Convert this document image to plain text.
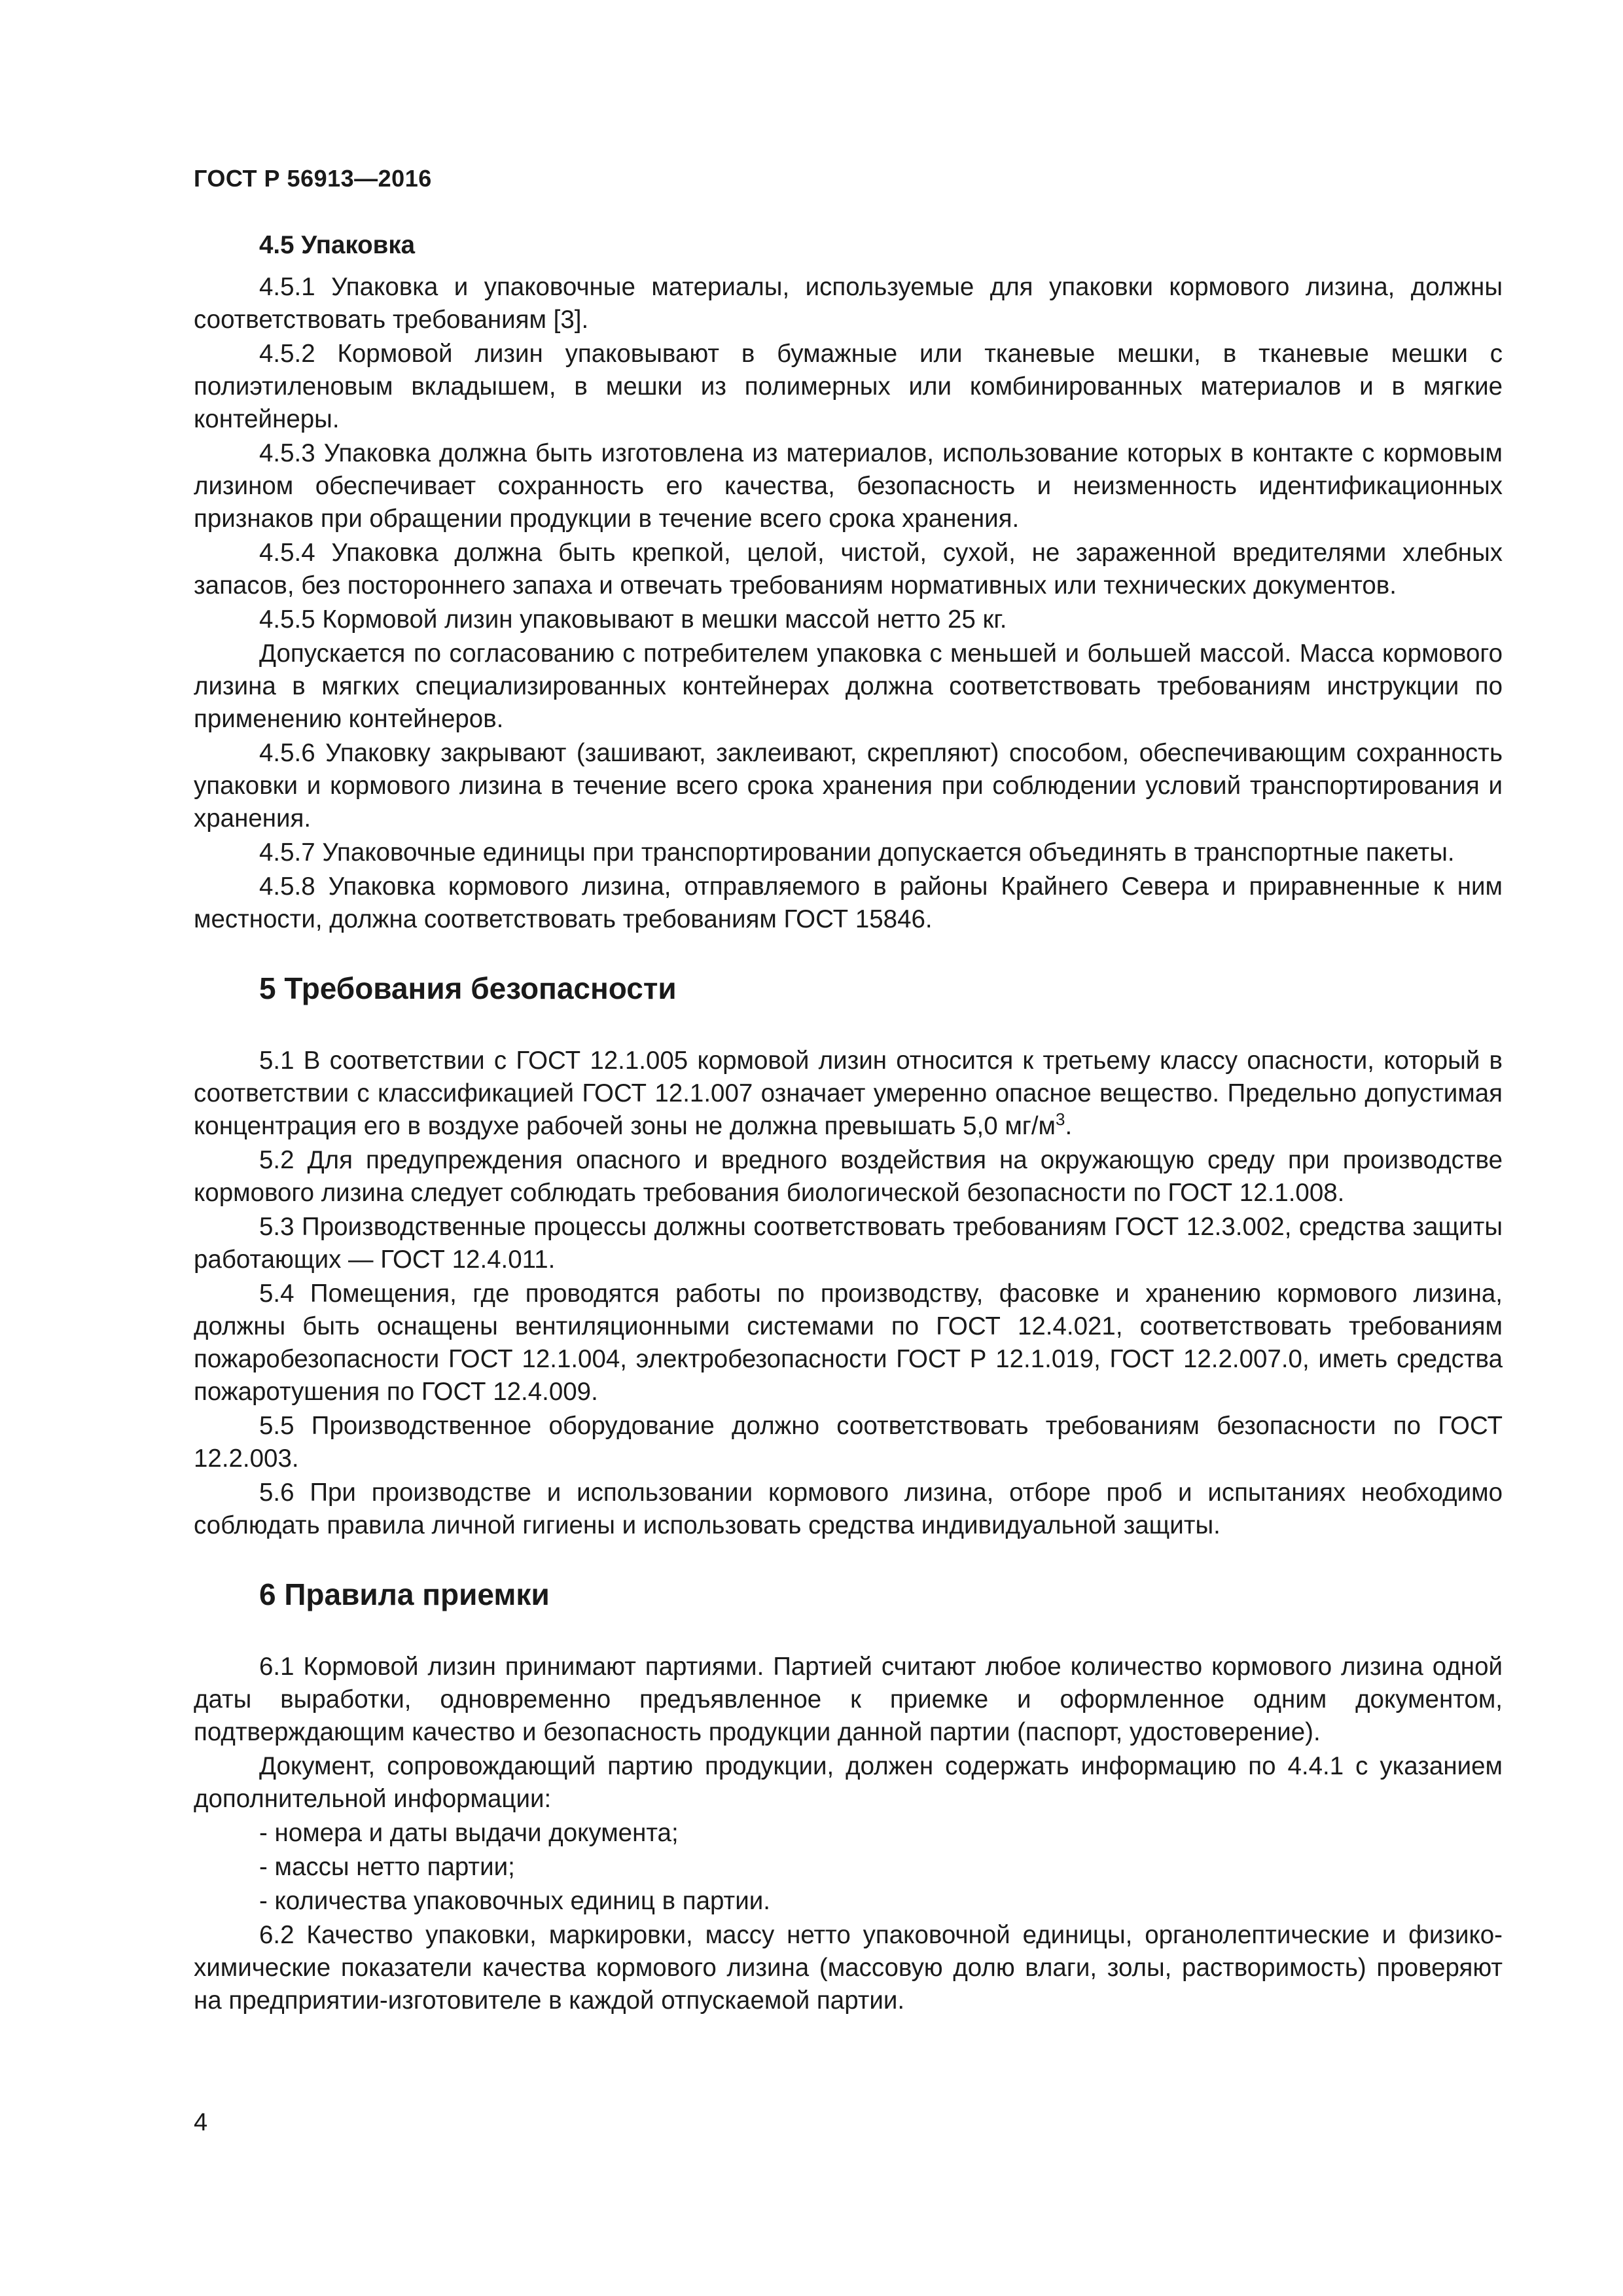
ГОСТ Р 56913—2016
4.5 Упаковка

4.5.1 Упаковка и упаковочные материалы, используемые для упаковки кормового лизина, должны соответствовать требованиям [3].

4.5.2 Кормовой лизин упаковывают в бумажные или тканевые мешки, в тканевые мешки с полиэтиленовым вкладышем, в мешки из полимерных или комбинированных материалов и в мягкие контейнеры.

4.5.3 Упаковка должна быть изготовлена из материалов, использование которых в контакте с кормовым лизином обеспечивает сохранность его качества, безопасность и неизменность идентификационных признаков при обращении продукции в течение всего срока хранения.

4.5.4 Упаковка должна быть крепкой, целой, чистой, сухой, не зараженной вредителями хлебных запасов, без постороннего запаха и отвечать требованиям нормативных или технических документов.

4.5.5 Кормовой лизин упаковывают в мешки массой нетто 25 кг.

Допускается по согласованию с потребителем упаковка с меньшей и большей массой. Масса кормового лизина в мягких специализированных контейнерах должна соответствовать требованиям инструкции по применению контейнеров.

4.5.6 Упаковку закрывают (зашивают, заклеивают, скрепляют) способом, обеспечивающим сохранность упаковки и кормового лизина в течение всего срока хранения при соблюдении условий транспортирования и хранения.

4.5.7 Упаковочные единицы при транспортировании допускается объединять в транспортные пакеты.

4.5.8 Упаковка кормового лизина, отправляемого в районы Крайнего Севера и приравненные к ним местности, должна соответствовать требованиям ГОСТ 15846.

5 Требования безопасности

5.1 В соответствии с ГОСТ 12.1.005 кормовой лизин относится к третьему классу опасности, который в соответствии с классификацией ГОСТ 12.1.007 означает умеренно опасное вещество. Предельно допустимая концентрация его в воздухе рабочей зоны не должна превышать 5,0 $мг/м^3$.

5.2 Для предупреждения опасного и вредного воздействия на окружающую среду при производстве кормового лизина следует соблюдать требования биологической безопасности по ГОСТ 12.1.008.

5.3 Производственные процессы должны соответствовать требованиям ГОСТ 12.3.002, средства защиты работающих — ГОСТ 12.4.011.

5.4 Помещения, где проводятся работы по производству, фасовке и хранению кормового лизина, должны быть оснащены вентиляционными системами по ГОСТ 12.4.021, соответствовать требованиям пожаробезопасности ГОСТ 12.1.004, электробезопасности ГОСТ Р 12.1.019, ГОСТ 12.2.007.0, иметь средства пожаротушения по ГОСТ 12.4.009.

5.5 Производственное оборудование должно соответствовать требованиям безопасности по ГОСТ 12.2.003.

5.6 При производстве и использовании кормового лизина, отборе проб и испытаниях необходимо соблюдать правила личной гигиены и использовать средства индивидуальной защиты.

6 Правила приемки

6.1 Кормовой лизин принимают партиями. Партией считают любое количество кормового лизина одной даты выработки, одновременно предъявленное к приемке и оформленное одним документом, подтверждающим качество и безопасность продукции данной партии (паспорт, удостоверение).

Документ, сопровождающий партию продукции, должен содержать информацию по 4.4.1 с указанием дополнительной информации:

- номера и даты выдачи документа;

- массы нетто партии;

- количества упаковочных единиц в партии.

6.2 Качество упаковки, маркировки, массу нетто упаковочной единицы, органолептические и физико-химические показатели качества кормового лизина (массовую долю влаги, золы, растворимость) проверяют на предприятии-изготовителе в каждой отпускаемой партии.

4
